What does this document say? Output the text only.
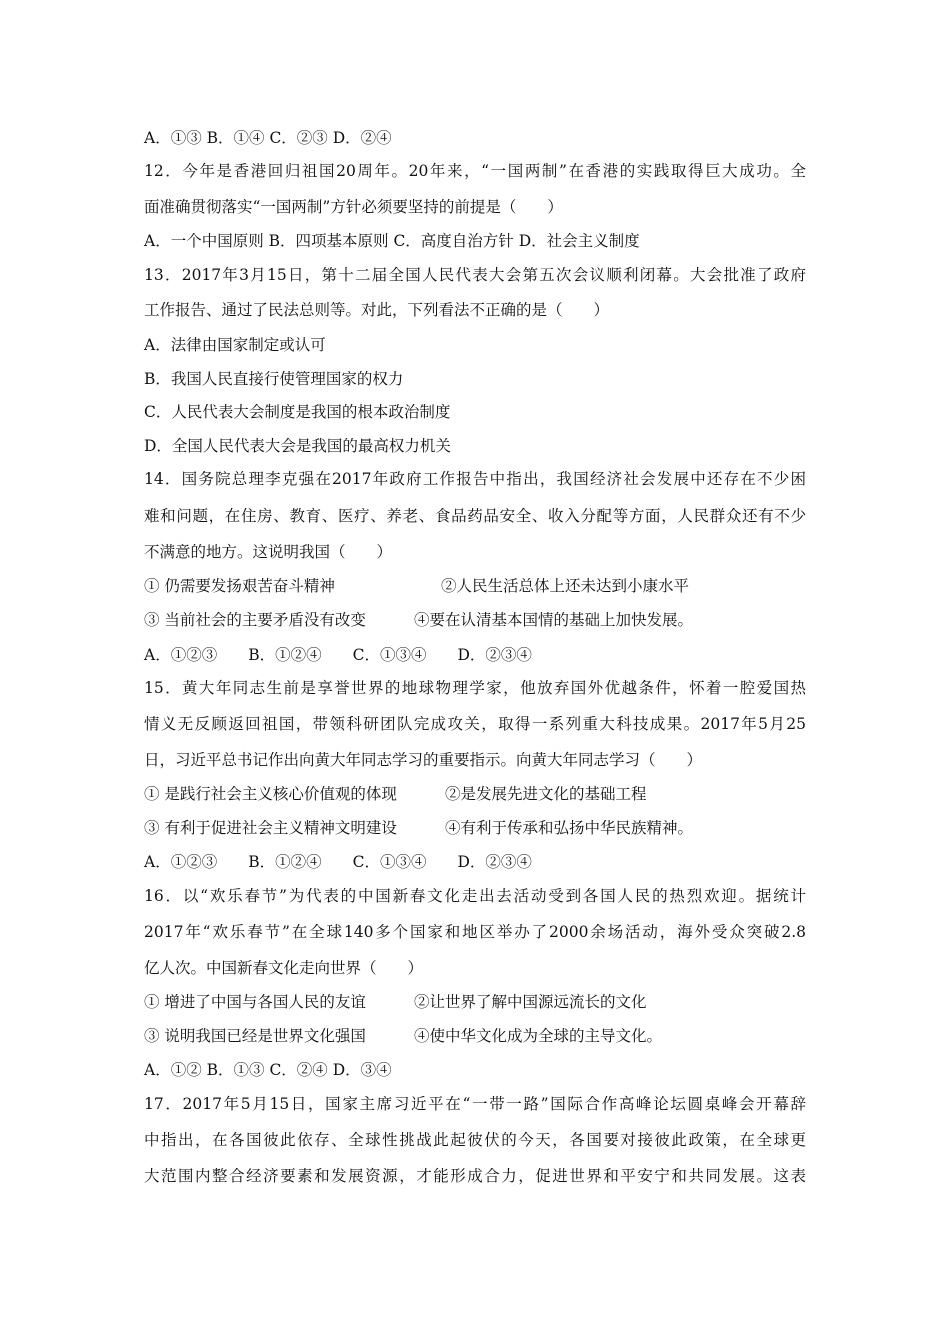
A．①③ B．①④ C．②③ D．②④
12．今年是香港回归祖国20周年。20年来，“一国两制”在香港的实践取得巨大成功。全
面准确贯彻落实“一国两制”方针必须要坚持的前提是（　　）
A．一个中国原则 B．四项基本原则 C．高度自治方针 D．社会主义制度
13．2017年3月15日，第十二届全国人民代表大会第五次会议顺利闭幕。大会批准了政府
工作报告、通过了民法总则等。对此，下列看法不正确的是（　　）
A．法律由国家制定或认可
B．我国人民直接行使管理国家的权力
C．人民代表大会制度是我国的根本政治制度
D．全国人民代表大会是我国的最高权力机关
14．国务院总理李克强在2017年政府工作报告中指出，我国经济社会发展中还存在不少困
难和问题，在住房、教育、医疗、养老、食品药品安全、收入分配等方面，人民群众还有不少
不满意的地方。这说明我国（　　）
① 仍需要发扬艰苦奋斗精神	②人民生活总体上还未达到小康水平
③ 当前社会的主要矛盾没有改变	④要在认清基本国情的基础上加快发展。
A．①②③　　B．①②④　　C．①③④　　D．②③④
15．黄大年同志生前是享誉世界的地球物理学家，他放弃国外优越条件，怀着一腔爱国热
情义无反顾返回祖国，带领科研团队完成攻关，取得一系列重大科技成果。2017年5月25
日，习近平总书记作出向黄大年同志学习的重要指示。向黄大年同志学习（　　）
① 是践行社会主义核心价值观的体现	②是发展先进文化的基础工程
③ 有利于促进社会主义精神文明建设	④有利于传承和弘扬中华民族精神。
A．①②③　　B．①②④　　C．①③④　　D．②③④
16．以“欢乐春节”为代表的中国新春文化走出去活动受到各国人民的热烈欢迎。据统计
2017年“欢乐春节”在全球140多个国家和地区举办了2000余场活动，海外受众突破2.8
亿人次。中国新春文化走向世界（　　）
① 增进了中国与各国人民的友谊	②让世界了解中国源远流长的文化
③ 说明我国已经是世界文化强国	④使中华文化成为全球的主导文化。
A．①② B．①③ C．②④ D．③④
17．2017年5月15日，国家主席习近平在“一带一路”国际合作高峰论坛圆桌峰会开幕辞
中指出，在各国彼此依存、全球性挑战此起彼伏的今天，各国要对接彼此政策，在全球更
大范围内整合经济要素和发展资源，才能形成合力，促进世界和平安宁和共同发展。这表
